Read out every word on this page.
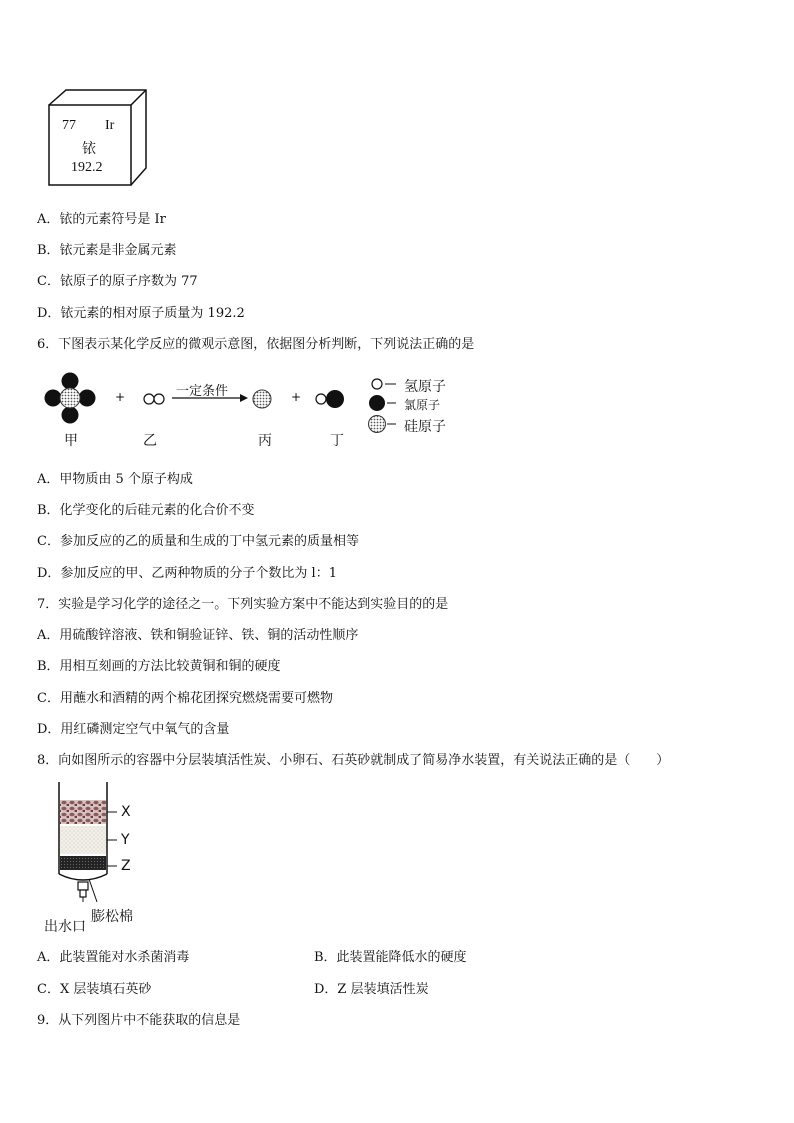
77 Ir
铱
192.2
A．铱的元素符号是 Ir
B．铱元素是非金属元素
C．铱原子的原子序数为 77
D．铱元素的相对原子质量为 192.2
6．下图表示某化学反应的微观示意图，依据图分析判断，下列说法正确的是
+	+
一定条件
甲	乙	丙	丁
氢原子
氯原子
硅原子
A．甲物质由 5 个原子构成
B．化学变化的后硅元素的化合价不变
C．参加反应的乙的质量和生成的丁中氢元素的质量相等
D．参加反应的甲、乙两种物质的分子个数比为 l：1
7．实验是学习化学的途径之一。下列实验方案中不能达到实验目的的是
A．用硫酸锌溶液、铁和铜验证锌、铁、铜的活动性顺序
B．用相互刻画的方法比较黄铜和铜的硬度
C．用蘸水和酒精的两个棉花团探究燃烧需要可燃物
D．用红磷测定空气中氧气的含量
8．向如图所示的容器中分层装填活性炭、小卵石、石英砂就制成了简易净水装置，有关说法正确的是（　　）
X
Y
Z
膨松棉
出水口
A．此装置能对水杀菌消毒	B．此装置能降低水的硬度
C．X 层装填石英砂	D．Z 层装填活性炭
9．从下列图片中不能获取的信息是
